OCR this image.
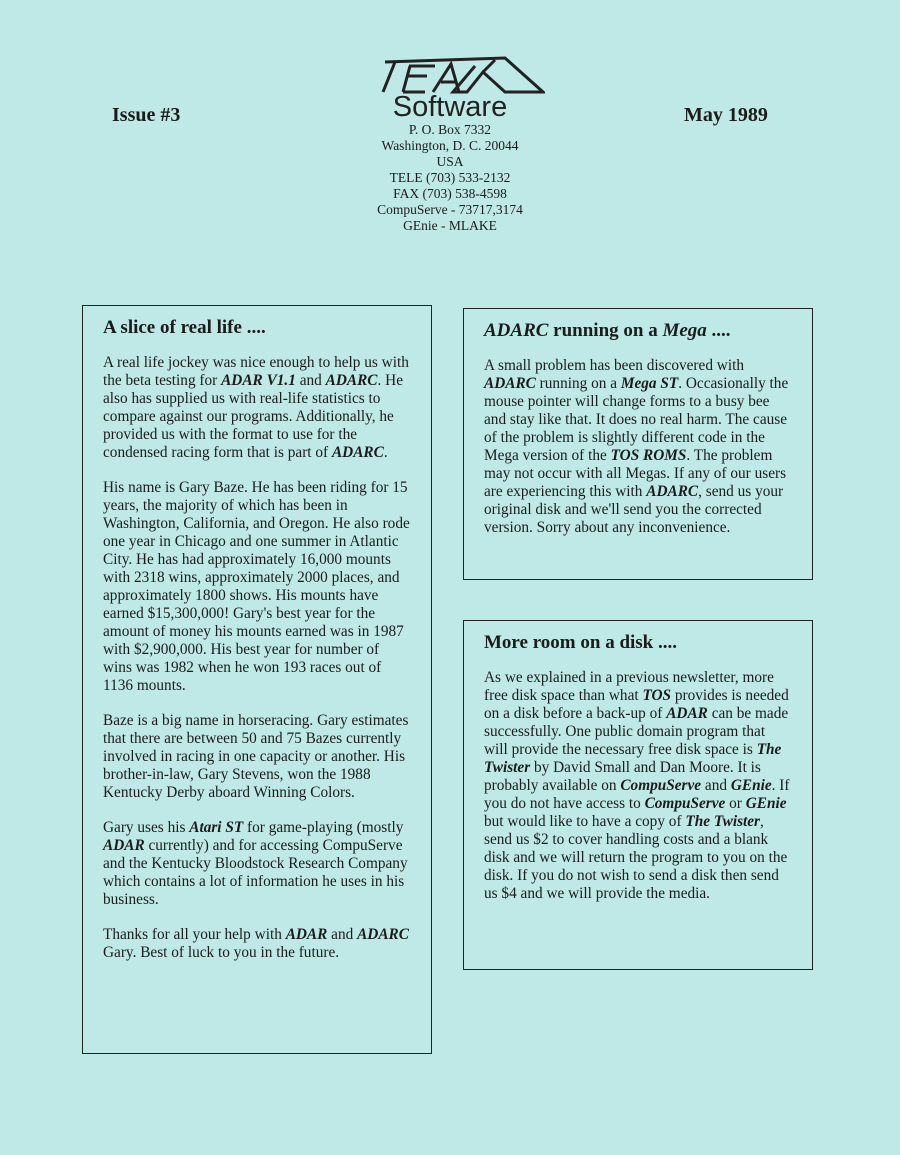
Issue #3	May 1989
Software
P. O. Box 7332
Washington, D. C. 20044
USA
TELE (703) 533-2132
FAX (703) 538-4598
CompuServe - 73717,3174
GEnie - MLAKE
A slice of real life ....

A real life jockey was nice enough to help us with the beta testing for ADAR V1.1 and ADARC. He also has supplied us with real-life statistics to compare against our programs. Additionally, he provided us with the format to use for the condensed racing form that is part of ADARC.

His name is Gary Baze. He has been riding for 15 years, the majority of which has been in Washington, California, and Oregon. He also rode one year in Chicago and one summer in Atlantic City. He has had approximately 16,000 mounts with 2318 wins, approximately 2000 places, and approximately 1800 shows. His mounts have earned $15,300,000! Gary's best year for the amount of money his mounts earned was in 1987 with $2,900,000. His best year for number of wins was 1982 when he won 193 races out of 1136 mounts.

Baze is a big name in horseracing. Gary estimates that there are between 50 and 75 Bazes currently involved in racing in one capacity or another. His brother-in-law, Gary Stevens, won the 1988 Kentucky Derby aboard Winning Colors.

Gary uses his Atari ST for game-playing (mostly ADAR currently) and for accessing CompuServe and the Kentucky Bloodstock Research Company which contains a lot of information he uses in his business.

Thanks for all your help with ADAR and ADARC Gary. Best of luck to you in the future.

ADARC running on a Mega ....

A small problem has been discovered with ADARC running on a Mega ST. Occasionally the mouse pointer will change forms to a busy bee and stay like that. It does no real harm. The cause of the problem is slightly different code in the Mega version of the TOS ROMS. The problem may not occur with all Megas. If any of our users are experiencing this with ADARC, send us your original disk and we'll send you the corrected version. Sorry about any inconvenience.

More room on a disk ....

As we explained in a previous newsletter, more free disk space than what TOS provides is needed on a disk before a back-up of ADAR can be made successfully. One public domain program that will provide the necessary free disk space is The Twister by David Small and Dan Moore. It is probably available on CompuServe and GEnie. If you do not have access to CompuServe or GEnie but would like to have a copy of The Twister, send us $2 to cover handling costs and a blank disk and we will return the program to you on the disk. If you do not wish to send a disk then send us $4 and we will provide the media.
